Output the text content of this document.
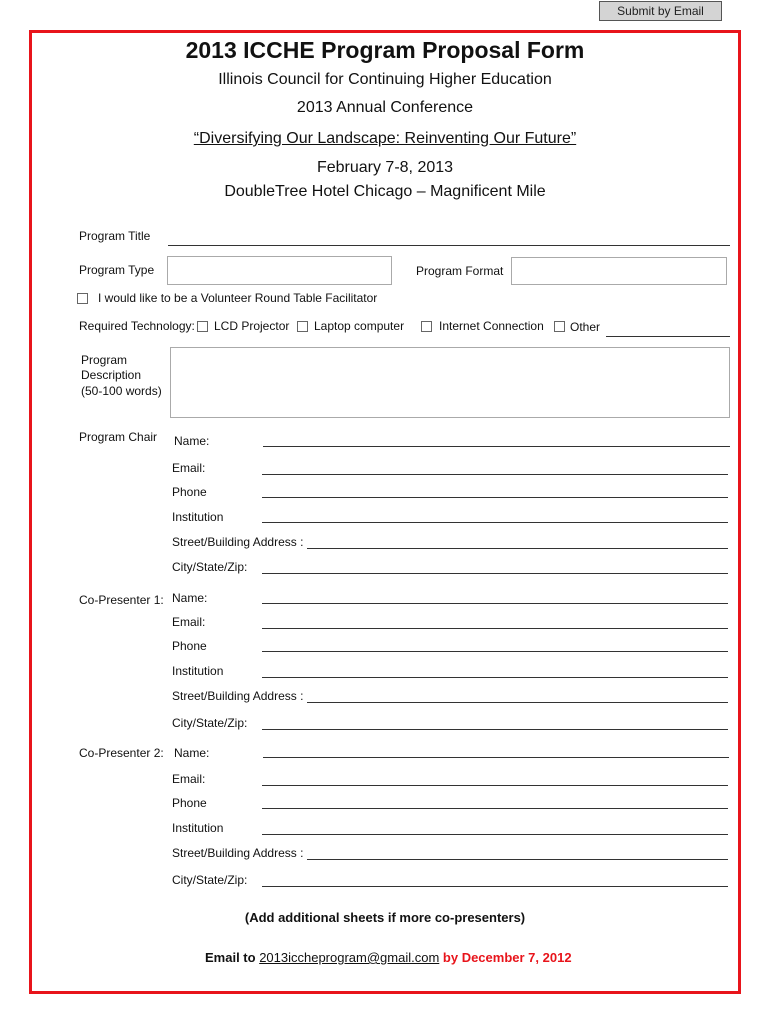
Submit by Email
2013 ICCHE Program Proposal Form
Illinois Council for Continuing Higher Education
2013 Annual Conference
“Diversifying Our Landscape: Reinventing Our Future”
February 7-8, 2013
DoubleTree Hotel Chicago – Magnificent Mile
Program Title
Program Type	Program Format
I would like to be a Volunteer Round Table Facilitator
Required Technology: LCD Projector Laptop computer	Internet Connection Other
Program
Description
(50-100 words)
Program Chair Name:
Email:
Phone
Institution
Street/Building Address :
City/State/Zip:
Co-Presenter 1: Name:
Email:
Phone
Institution
Street/Building Address :
City/State/Zip:
Co-Presenter 2: Name:
Email:
Phone
Institution
Street/Building Address :
City/State/Zip:
(Add additional sheets if more co-presenters)
Email to 2013iccheprogram@gmail.com by December 7, 2012
